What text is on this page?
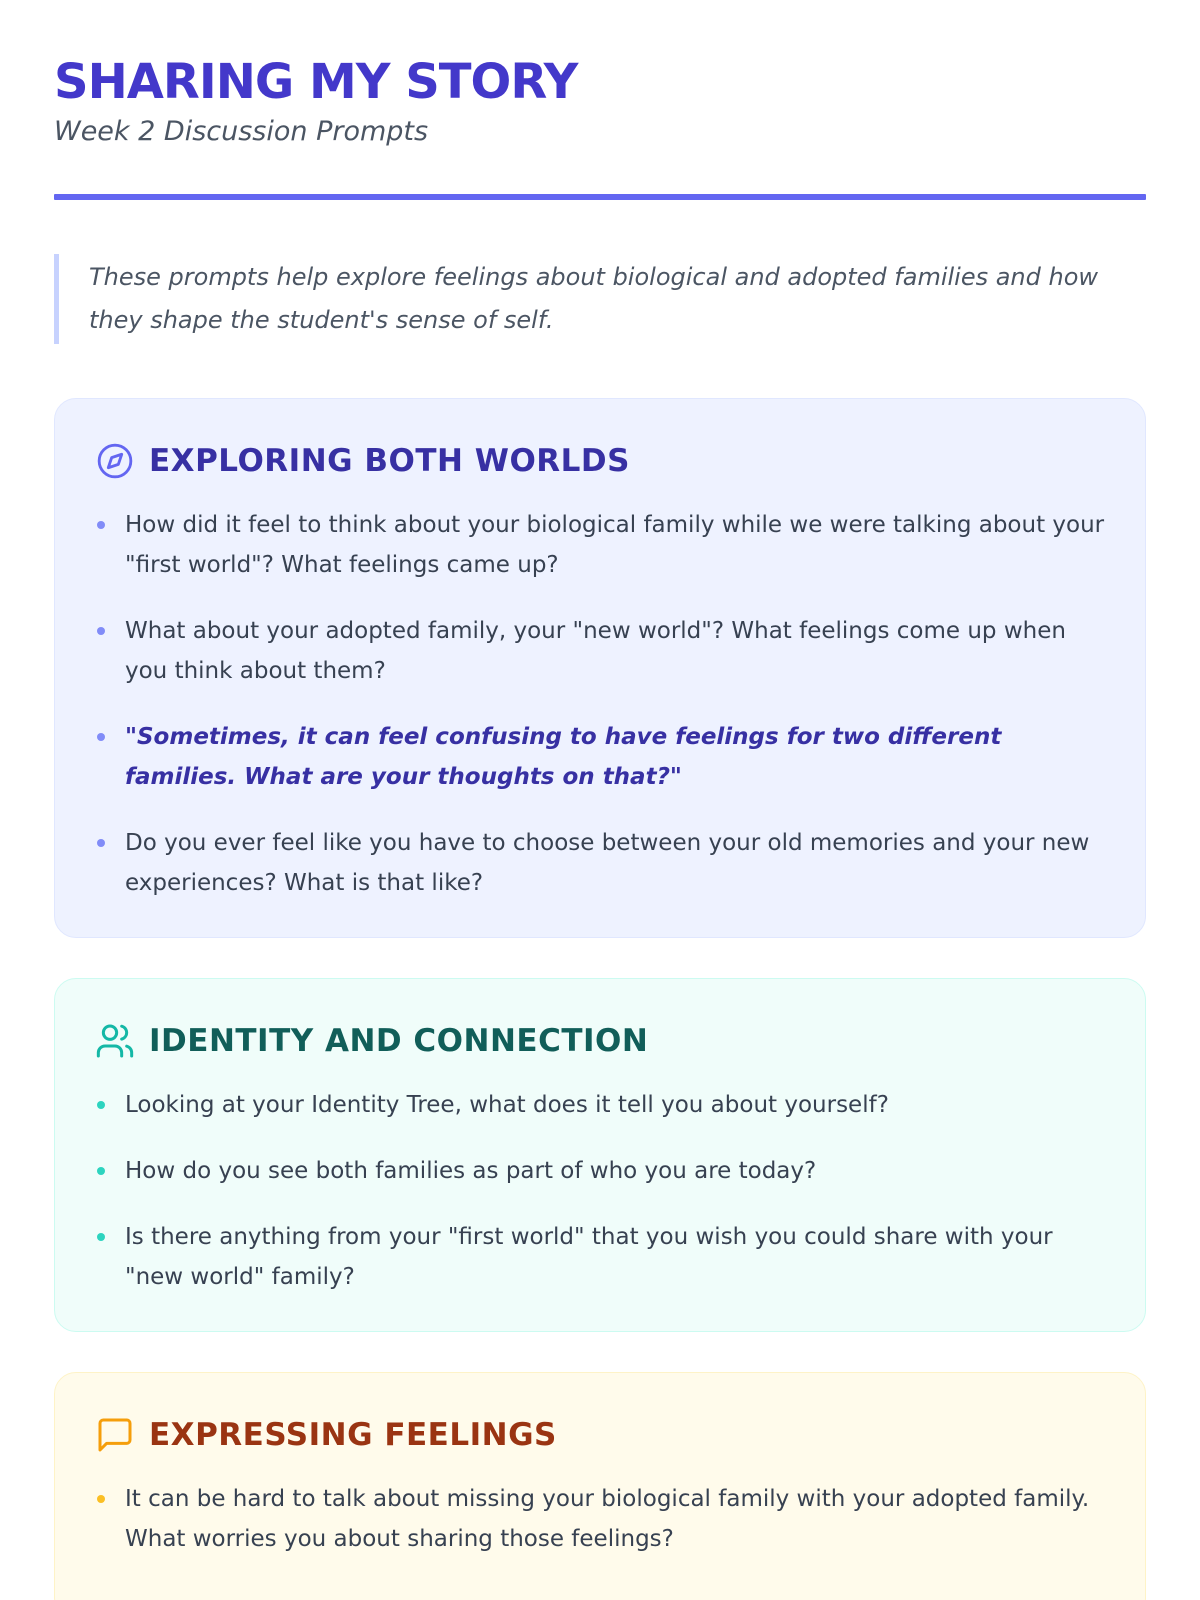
SHARING MY STORY
Week 2 Discussion Prompts
These prompts help explore feelings about biological and adopted families and how they shape the student's sense of self.
EXPLORING BOTH WORLDS
How did it feel to think about your biological family while we were talking about your "first world"? What feelings came up?
What about your adopted family, your "new world"? What feelings come up when you think about them?
"Sometimes, it can feel confusing to have feelings for two different families. What are your thoughts on that?"
Do you ever feel like you have to choose between your old memories and your new experiences? What is that like?
IDENTITY AND CONNECTION
Looking at your Identity Tree, what does it tell you about yourself?
How do you see both families as part of who you are today?
Is there anything from your "first world" that you wish you could share with your "new world" family?
EXPRESSING FEELINGS
It can be hard to talk about missing your biological family with your adopted family. What worries you about sharing those feelings?
